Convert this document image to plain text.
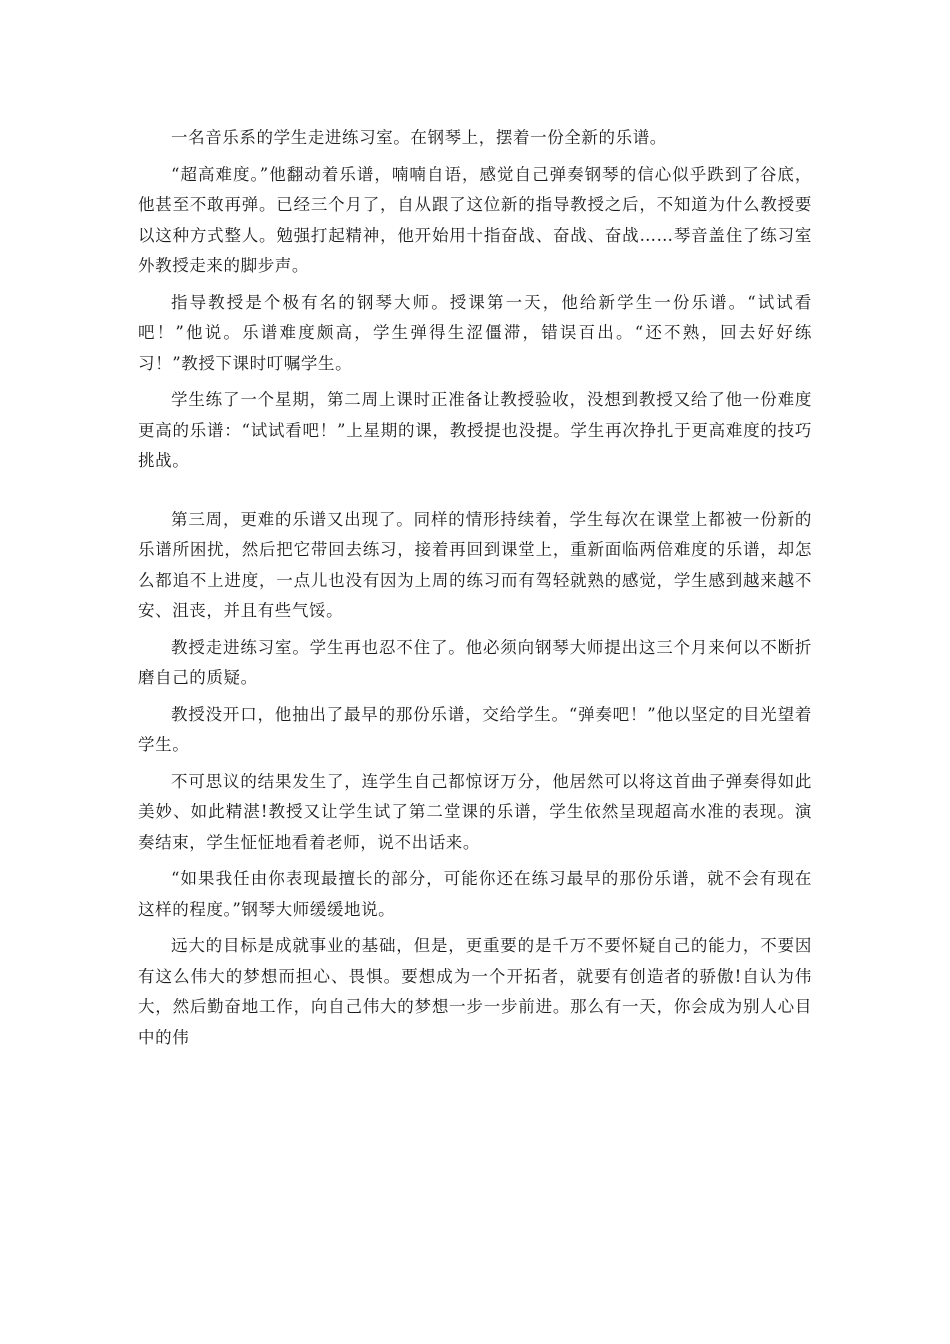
一名音乐系的学生走进练习室。在钢琴上，摆着一份全新的乐谱。

“超高难度。”他翻动着乐谱，喃喃自语，感觉自己弹奏钢琴的信心似乎跌到了谷底，他甚至不敢再弹。已经三个月了，自从跟了这位新的指导教授之后，不知道为什么教授要以这种方式整人。勉强打起精神，他开始用十指奋战、奋战、奋战……琴音盖住了练习室外教授走来的脚步声。

指导教授是个极有名的钢琴大师。授课第一天，他给新学生一份乐谱。“试试看吧！”他说。乐谱难度颇高，学生弹得生涩僵滞，错误百出。“还不熟，回去好好练习！”教授下课时叮嘱学生。

学生练了一个星期，第二周上课时正准备让教授验收，没想到教授又给了他一份难度更高的乐谱：“试试看吧！”上星期的课，教授提也没提。学生再次挣扎于更高难度的技巧挑战。

第三周，更难的乐谱又出现了。同样的情形持续着，学生每次在课堂上都被一份新的乐谱所困扰，然后把它带回去练习，接着再回到课堂上，重新面临两倍难度的乐谱，却怎么都追不上进度，一点儿也没有因为上周的练习而有驾轻就熟的感觉，学生感到越来越不安、沮丧，并且有些气馁。

教授走进练习室。学生再也忍不住了。他必须向钢琴大师提出这三个月来何以不断折磨自己的质疑。

教授没开口，他抽出了最早的那份乐谱，交给学生。“弹奏吧！”他以坚定的目光望着学生。

不可思议的结果发生了，连学生自己都惊讶万分，他居然可以将这首曲子弹奏得如此美妙、如此精湛!教授又让学生试了第二堂课的乐谱，学生依然呈现超高水准的表现。演奏结束，学生怔怔地看着老师，说不出话来。

“如果我任由你表现最擅长的部分，可能你还在练习最早的那份乐谱，就不会有现在这样的程度。”钢琴大师缓缓地说。

远大的目标是成就事业的基础，但是，更重要的是千万不要怀疑自己的能力，不要因有这么伟大的梦想而担心、畏惧。要想成为一个开拓者，就要有创造者的骄傲!自认为伟大，然后勤奋地工作，向自己伟大的梦想一步一步前进。那么有一天，你会成为别人心目中的伟
